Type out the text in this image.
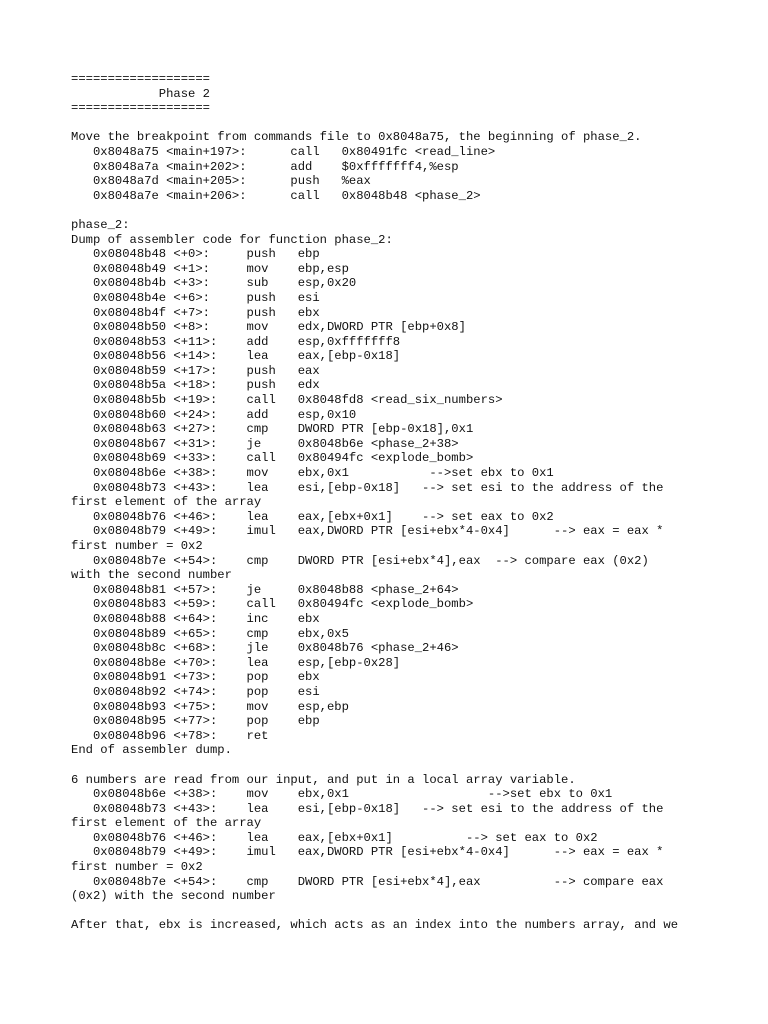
===================
Phase 2
===================
Move the breakpoint from commands file to 0x8048a75, the beginning of phase_2.
0x8048a75 <main+197>:      call   0x80491fc <read_line>
0x8048a7a <main+202>:      add    $0xfffffff4,%esp
0x8048a7d <main+205>:      push   %eax
0x8048a7e <main+206>:      call   0x8048b48 <phase_2>
phase_2:
Dump of assembler code for function phase_2:
0x08048b48 <+0>:     push   ebp
0x08048b49 <+1>:     mov    ebp,esp
0x08048b4b <+3>:     sub    esp,0x20
0x08048b4e <+6>:     push   esi
0x08048b4f <+7>:     push   ebx
0x08048b50 <+8>:     mov    edx,DWORD PTR [ebp+0x8]
0x08048b53 <+11>:    add    esp,0xfffffff8
0x08048b56 <+14>:    lea    eax,[ebp-0x18]
0x08048b59 <+17>:    push   eax
0x08048b5a <+18>:    push   edx
0x08048b5b <+19>:    call   0x8048fd8 <read_six_numbers>
0x08048b60 <+24>:    add    esp,0x10
0x08048b63 <+27>:    cmp    DWORD PTR [ebp-0x18],0x1
0x08048b67 <+31>:    je     0x8048b6e <phase_2+38>
0x08048b69 <+33>:    call   0x80494fc <explode_bomb>
0x08048b6e <+38>:    mov    ebx,0x1           -->set ebx to 0x1
0x08048b73 <+43>:    lea    esi,[ebp-0x18]   --> set esi to the address of the
first element of the array
0x08048b76 <+46>:    lea    eax,[ebx+0x1]    --> set eax to 0x2
0x08048b79 <+49>:    imul   eax,DWORD PTR [esi+ebx*4-0x4]      --> eax = eax *
first number = 0x2
0x08048b7e <+54>:    cmp    DWORD PTR [esi+ebx*4],eax  --> compare eax (0x2)
with the second number
0x08048b81 <+57>:    je     0x8048b88 <phase_2+64>
0x08048b83 <+59>:    call   0x80494fc <explode_bomb>
0x08048b88 <+64>:    inc    ebx
0x08048b89 <+65>:    cmp    ebx,0x5
0x08048b8c <+68>:    jle    0x8048b76 <phase_2+46>
0x08048b8e <+70>:    lea    esp,[ebp-0x28]
0x08048b91 <+73>:    pop    ebx
0x08048b92 <+74>:    pop    esi
0x08048b93 <+75>:    mov    esp,ebp
0x08048b95 <+77>:    pop    ebp
0x08048b96 <+78>:    ret
End of assembler dump.
6 numbers are read from our input, and put in a local array variable.
0x08048b6e <+38>:    mov    ebx,0x1                   -->set ebx to 0x1
0x08048b73 <+43>:    lea    esi,[ebp-0x18]   --> set esi to the address of the
first element of the array
0x08048b76 <+46>:    lea    eax,[ebx+0x1]          --> set eax to 0x2
0x08048b79 <+49>:    imul   eax,DWORD PTR [esi+ebx*4-0x4]      --> eax = eax *
first number = 0x2
0x08048b7e <+54>:    cmp    DWORD PTR [esi+ebx*4],eax          --> compare eax
(0x2) with the second number
After that, ebx is increased, which acts as an index into the numbers array, and we
